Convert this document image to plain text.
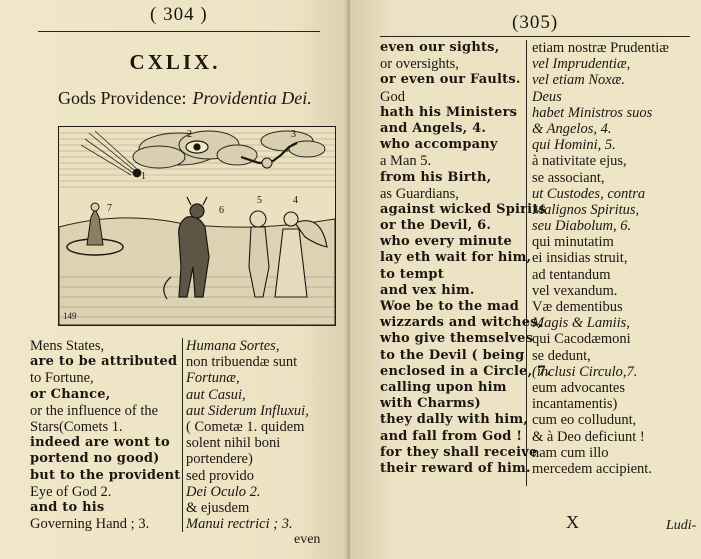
( 304 )
CXLIX.
Gods Providence: Providentia Dei.
6
7
5	4
1
2	3
149
Mens States,
are to be attributed
to Fortune,
or Chance,
or the influence of the
Stars(Comets 1.
indeed are wont to
portend no good)
but to the provident
Eye of God 2.
and to his
Governing Hand ; 3.
Humana Sortes,
non tribuendæ sunt
Fortunæ,
aut Casui,
aut Siderum Influxui,
( Cometæ 1. quidem
solent nihil boni
portendere)
sed provido
Dei Oculo 2.
& ejusdem
Manui rectrici ; 3.
even
(305)
even our sights,
or oversights,
or even our Faults.
God
hath his Ministers
and Angels, 4.
who accompany
a Man 5.
from his Birth,
as Guardians,
against wicked Spirits
or the Devil, 6.
who every minute
lay eth wait for him,
to tempt
and vex him.
Woe be to the mad
wizzards and witches,
who give themselves
to the Devil ( being
enclosed in a Circle, 7.
calling upon him
with Charms)
they dally with him,
and fall from God !
for they shall receive
their reward of him.
etiam nostræ Prudentiæ
vel Imprudentiæ,
vel etiam Noxæ.
Deus
habet Ministros suos
& Angelos, 4.
qui Homini, 5.
à nativitate ejus,
se associant,
ut Custodes, contra
Malignos Spiritus,
seu Diabolum, 6.
qui minutatim
ei insidias struit,
ad tentandum
vel vexandum.
Væ dementibus
Magis & Lamiis,
qui Cacodæmoni
se dedunt,
(inclusi Circulo,7.
eum advocantes
incantamentis)
cum eo colludunt,
& à Deo deficiunt !
nam cum illo
mercedem accipient.
X	Ludi-
